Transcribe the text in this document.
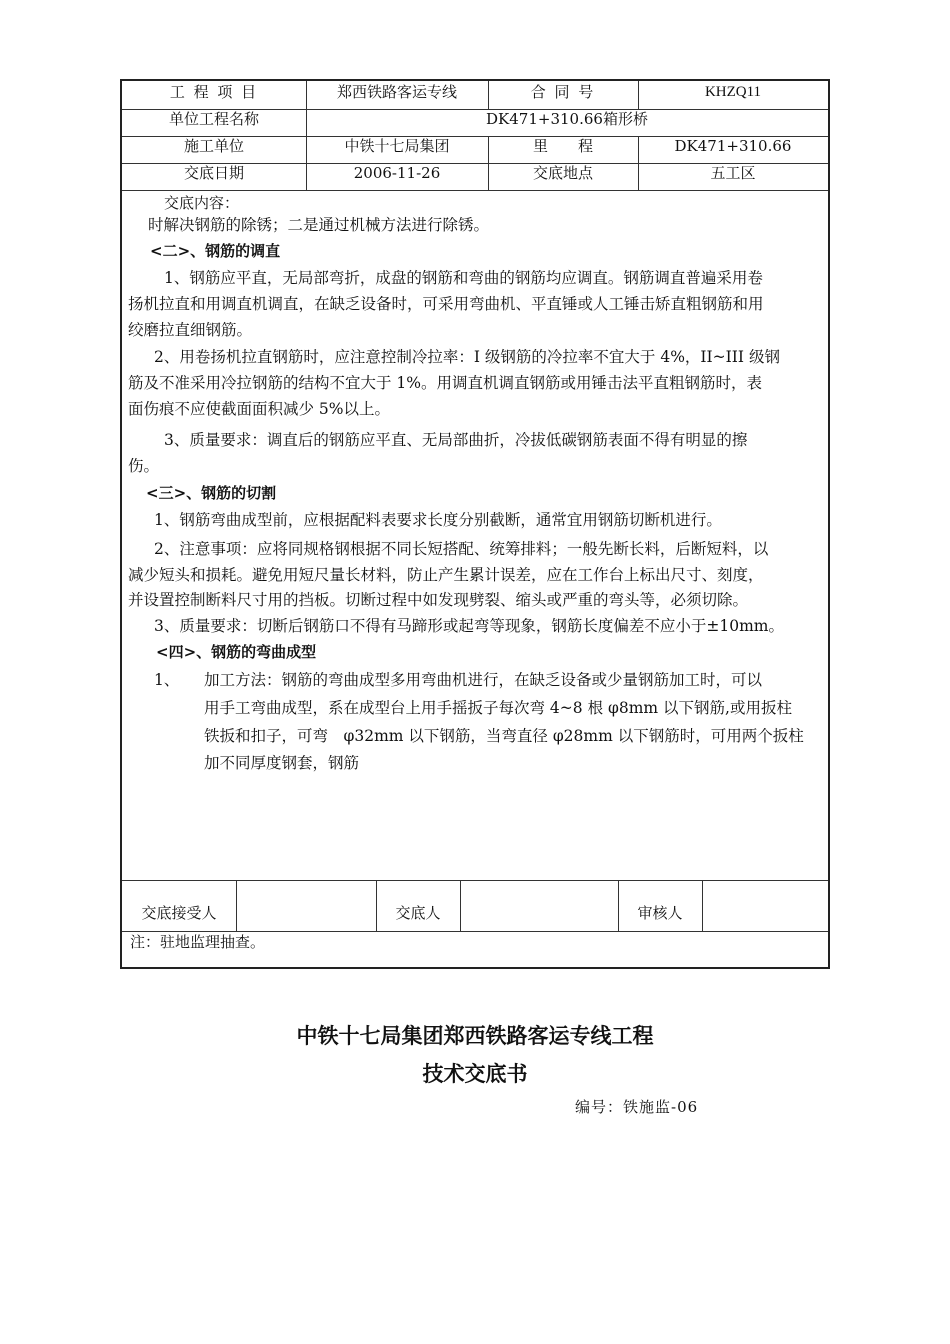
工 程 项 目	郑西铁路客运专线	合 同 号	KHZQ11
单位工程名称	DK471+310.66箱形桥
施工单位	中铁十七局集团	里　　程	DK471+310.66
交底日期	2006-11-26	交底地点	五工区
交底内容：
时解决钢筋的除锈；二是通过机械方法进行除锈。
<二>、钢筋的调直
1、钢筋应平直，无局部弯折，成盘的钢筋和弯曲的钢筋均应调直。钢筋调直普遍采用卷
扬机拉直和用调直机调直，在缺乏设备时，可采用弯曲机、平直锤或人工锤击矫直粗钢筋和用
绞磨拉直细钢筋。
2、用卷扬机拉直钢筋时，应注意控制冷拉率：I 级钢筋的冷拉率不宜大于 4%，II~III 级钢
筋及不准采用冷拉钢筋的结构不宜大于 1%。用调直机调直钢筋或用锤击法平直粗钢筋时，表
面伤痕不应使截面面积减少 5%以上。
3、质量要求：调直后的钢筋应平直、无局部曲折，冷拔低碳钢筋表面不得有明显的擦
伤。
<三>、钢筋的切割
1、钢筋弯曲成型前，应根据配料表要求长度分别截断，通常宜用钢筋切断机进行。
2、注意事项：应将同规格钢根据不同长短搭配、统筹排料；一般先断长料，后断短料，以
减少短头和损耗。避免用短尺量长材料，防止产生累计误差，应在工作台上标出尺寸、刻度，
并设置控制断料尺寸用的挡板。切断过程中如发现劈裂、缩头或严重的弯头等，必须切除。
3、质量要求：切断后钢筋口不得有马蹄形或起弯等现象，钢筋长度偏差不应小于±10mm。
<四>、钢筋的弯曲成型
1、 加工方法：钢筋的弯曲成型多用弯曲机进行，在缺乏设备或少量钢筋加工时，可以
用手工弯曲成型，系在成型台上用手摇扳子每次弯 4~8 根 φ8mm 以下钢筋,或用扳柱
铁扳和扣子，可弯　φ32mm 以下钢筋，当弯直径 φ28mm 以下钢筋时，可用两个扳柱
加不同厚度钢套，钢筋
交底接受人	交底人	审核人
注：驻地监理抽查。
中铁十七局集团郑西铁路客运专线工程
技术交底书
编号：铁施监-06
